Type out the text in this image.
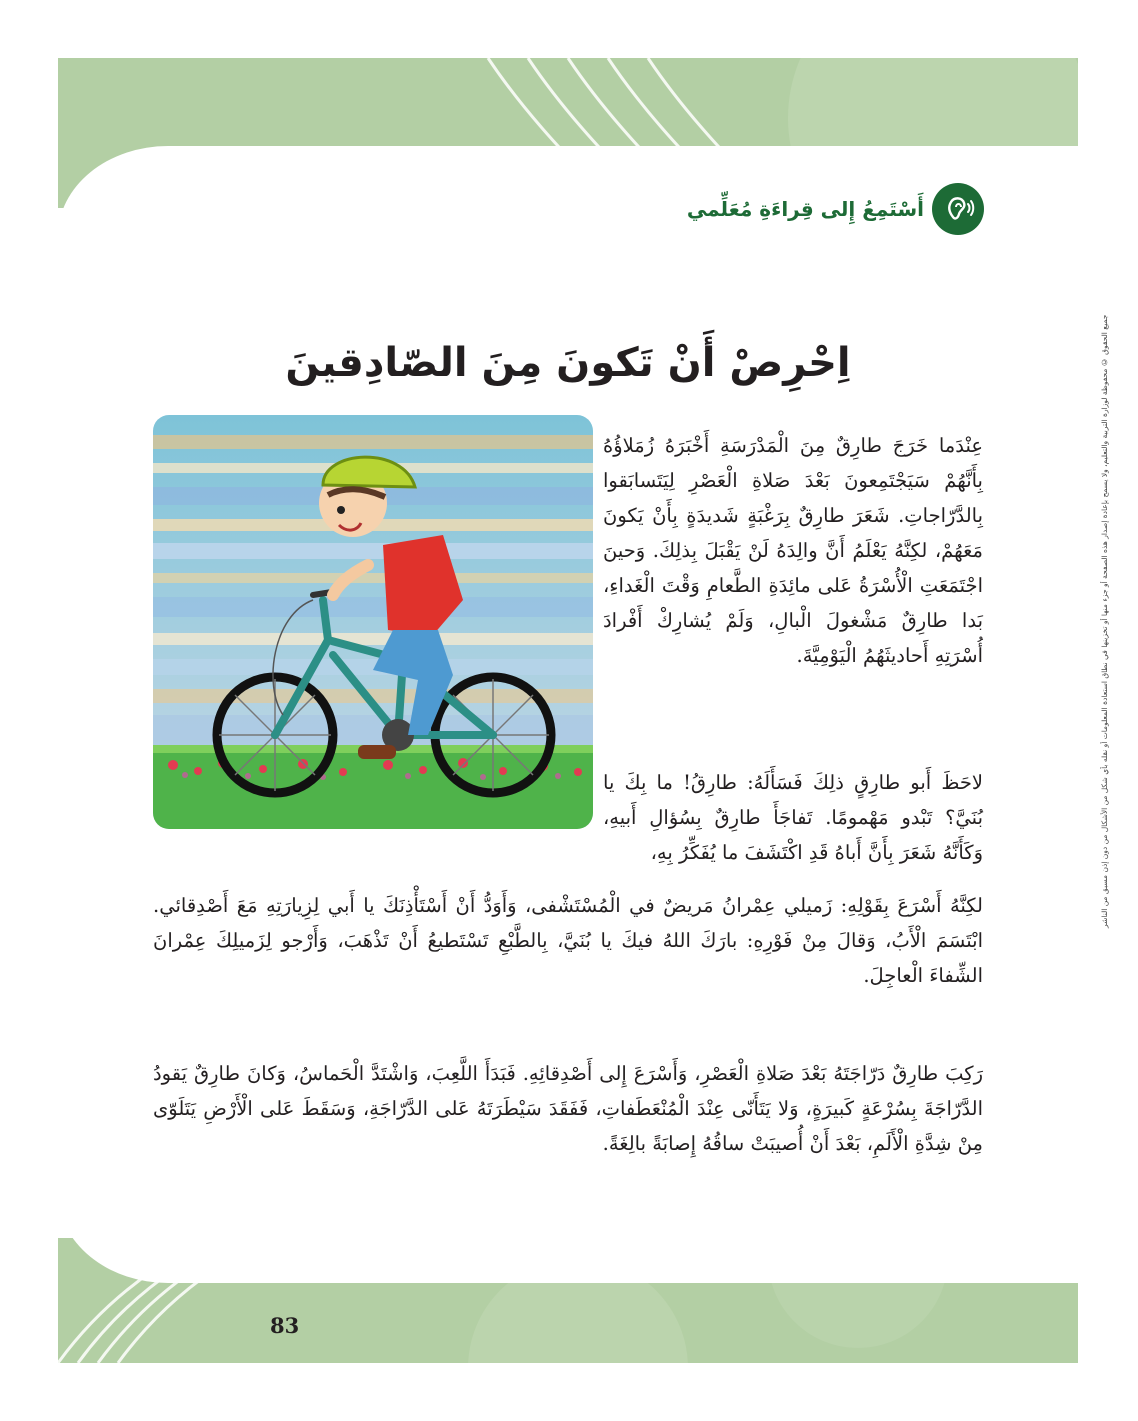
أَسْتَمِعُ إِلى قِراءَةِ مُعَلِّمي
اِحْرِصْ أَنْ تَكونَ مِنَ الصّادِقينَ

عِنْدَما خَرَجَ طارِقٌ مِنَ الْمَدْرَسَةِ أَخْبَرَهُ زُمَلاؤُهُ بِأَنَّهُمْ سَيَجْتَمِعونَ بَعْدَ صَلاةِ الْعَصْرِ لِيَتَسابَقوا بِالدَّرّاجاتِ. شَعَرَ طارِقٌ بِرَغْبَةٍ شَديدَةٍ بِأَنْ يَكونَ مَعَهُمْ، لكِنَّهُ يَعْلَمُ أَنَّ والِدَهُ لَنْ يَقْبَلَ بِذلِكَ. وَحينَ اجْتَمَعَتِ الْأُسْرَةُ عَلى مائِدَةِ الطَّعامِ وَقْتَ الْغَداءِ، بَدا طارِقٌ مَشْغولَ الْبالِ، وَلَمْ يُشارِكْ أَفْرادَ أُسْرَتِهِ أَحاديثَهُمُ الْيَوْمِيَّةَ.

لاحَظَ أَبو طارِقٍ ذلِكَ فَسَأَلَهُ: طارِقُ! ما بِكَ يا بُنَيَّ؟ تَبْدو مَهْمومًا. تَفاجَأَ طارِقٌ بِسُؤالِ أَبيهِ، وَكَأَنَّهُ شَعَرَ بِأَنَّ أَباهُ قَدِ اكْتَشَفَ ما يُفَكِّرُ بِهِ،

لكِنَّهُ أَسْرَعَ بِقَوْلِهِ: زَميلي عِمْرانُ مَريضٌ في الْمُسْتَشْفى، وَأَوَدُّ أَنْ أَسْتَأْذِنَكَ يا أَبي لِزِيارَتِهِ مَعَ أَصْدِقائي. ابْتَسَمَ الْأَبُ، وَقالَ مِنْ فَوْرِهِ: بارَكَ اللهُ فيكَ يا بُنَيَّ، بِالطَّبْعِ تَسْتَطيعُ أَنْ تَذْهَبَ، وَأَرْجو لِزَميلِكَ عِمْرانَ الشِّفاءَ الْعاجِلَ.

رَكِبَ طارِقٌ دَرّاجَتَهُ بَعْدَ صَلاةِ الْعَصْرِ، وَأَسْرَعَ إِلى أَصْدِقائِهِ. فَبَدَأَ اللَّعِبَ، وَاشْتَدَّ الْحَماسُ، وَكانَ طارِقٌ يَقودُ الدَّرّاجَةَ بِسُرْعَةٍ كَبيرَةٍ، وَلا يَتَأَنّى عِنْدَ الْمُنْعَطَفاتِ، فَفَقَدَ سَيْطَرَتَهُ عَلى الدَّرّاجَةِ، وَسَقَطَ عَلى الْأَرْضِ يَتَلَوّى مِنْ شِدَّةِ الْأَلَمِ، بَعْدَ أَنْ أُصيبَتْ ساقُهُ إِصابَةً بالِغَةً.

83
جميع الحقوق © محفوظة لوزارة التربية والتعليم، ولا يسمح بإعادة إصدار هذه الصفحة أو جزء منها أو تخزينها في نطاق استعادة المعلومات أو نقله بأي شكل من الأشكال من دون إذن مسبق من الناشر
